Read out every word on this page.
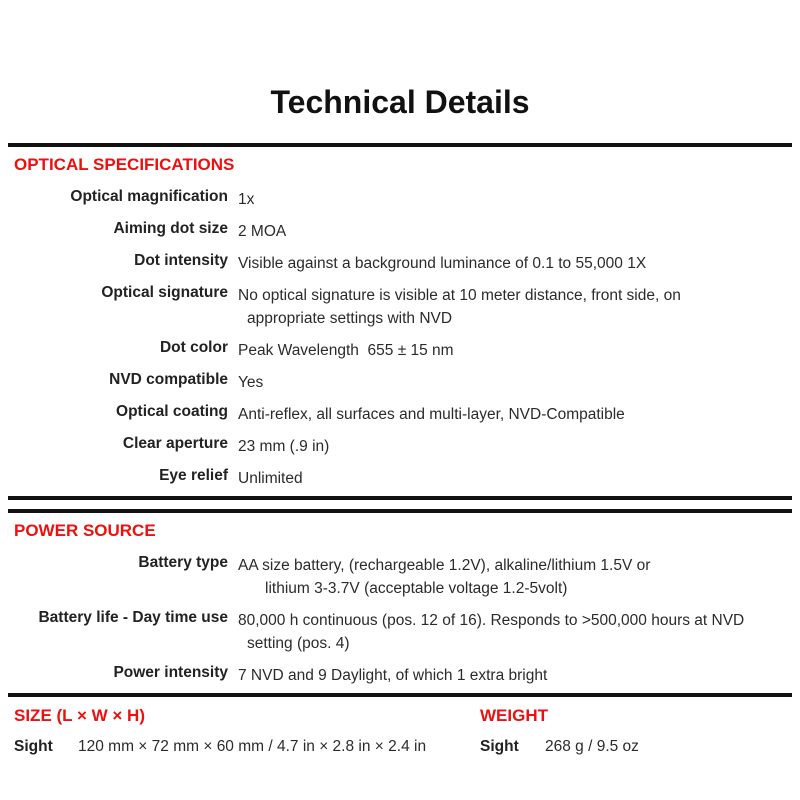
Technical Details
OPTICAL SPECIFICATIONS
Optical magnification 1x
Aiming dot size 2 MOA
Dot intensity Visible against a background luminance of 0.1 to 55,000 1X
Optical signature No optical signature is visible at 10 meter distance, front side, on
appropriate settings with NVD
Dot color Peak Wavelength  655 ± 15 nm
NVD compatible Yes
Optical coating Anti-reflex, all surfaces and multi-layer, NVD-Compatible
Clear aperture 23 mm (.9 in)
Eye relief Unlimited
POWER SOURCE
Battery type AA size battery, (rechargeable 1.2V), alkaline/lithium 1.5V or
lithium 3-3.7V (acceptable voltage 1.2-5volt)
Battery life - Day time use 80,000 h continuous (pos. 12 of 16). Responds to >500,000 hours at NVD
setting (pos. 4)
Power intensity 7 NVD and 9 Daylight, of which 1 extra bright
SIZE (L × W × H)
Sight	120 mm × 72 mm × 60 mm / 4.7 in × 2.8 in × 2.4 in
WEIGHT
Sight	268 g / 9.5 oz
